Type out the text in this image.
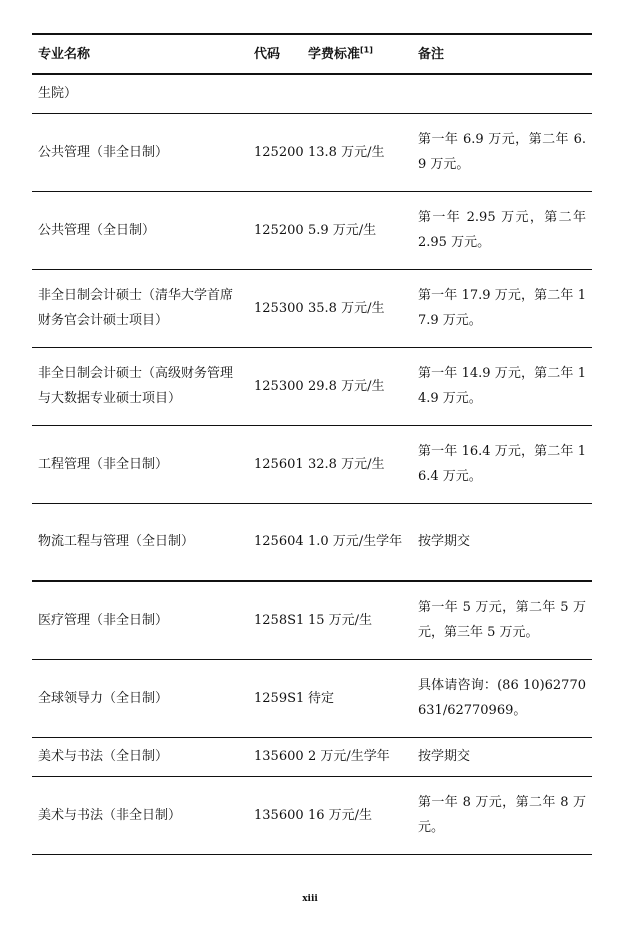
专业名称	代码	学费标准[1]	备注
生院）			
公共管理（非全日制）	125200	13.8 万元/生	第一年 6.9 万元，第二年 6.9 万元。
公共管理（全日制）	125200	5.9 万元/生	第一年 2.95 万元，第二年 2.95 万元。
非全日制会计硕士（清华大学首席财务官会计硕士项目）	125300	35.8 万元/生	第一年 17.9 万元，第二年 17.9 万元。
非全日制会计硕士（高级财务管理与大数据专业硕士项目）	125300	29.8 万元/生	第一年 14.9 万元，第二年 14.9 万元。
工程管理（非全日制）	125601	32.8 万元/生	第一年 16.4 万元，第二年 16.4 万元。
物流工程与管理（全日制）	125604	1.0 万元/生学年	按学期交
医疗管理（非全日制）	1258S1	15 万元/生	第一年 5 万元，第二年 5 万元，第三年 5 万元。
全球领导力（全日制）	1259S1	待定	具体请咨询：(86 10)62770631/62770969。
美术与书法（全日制）	135600	2 万元/生学年	按学期交
美术与书法（非全日制）	135600	16 万元/生	第一年 8 万元，第二年 8 万元。
xiii
